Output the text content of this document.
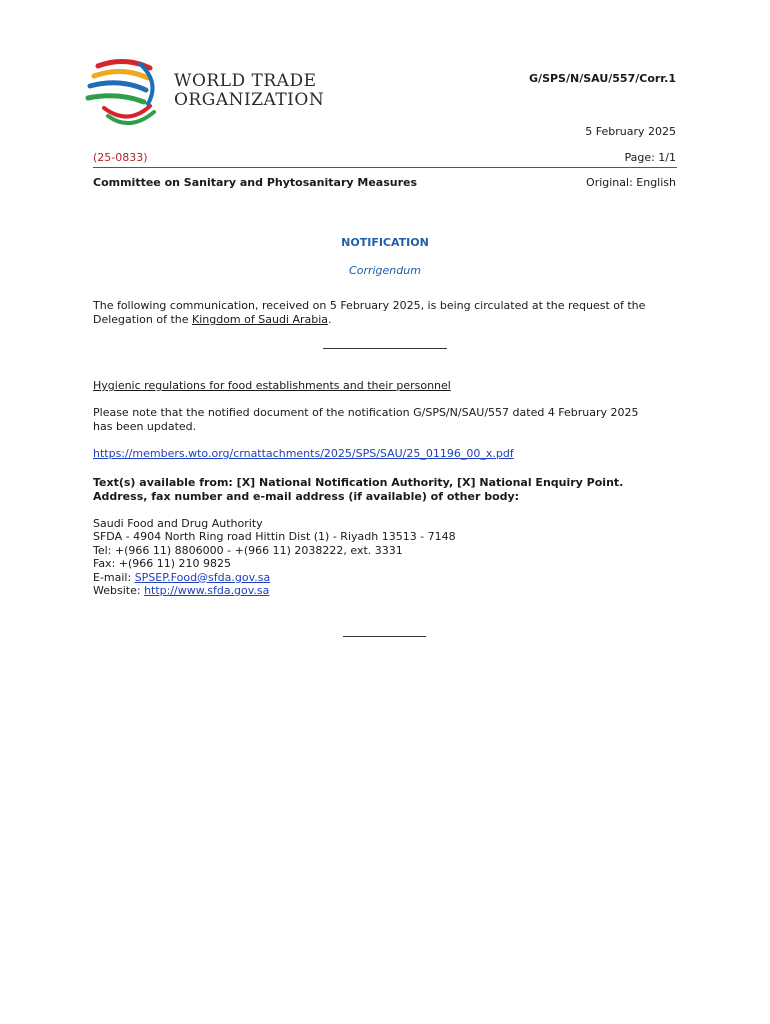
WORLD TRADE
ORGANIZATION
G/SPS/N/SAU/557/Corr.1
5 February 2025
(25-0833)	Page: 1/1
Committee on Sanitary and Phytosanitary Measures	Original: English
NOTIFICATION
Corrigendum
The following communication, received on 5 February 2025, is being circulated at the request of the
Delegation of the Kingdom of Saudi Arabia.
Hygienic regulations for food establishments and their personnel
Please note that the notified document of the notification G/SPS/N/SAU/557 dated 4 February 2025
has been updated.
https://members.wto.org/crnattachments/2025/SPS/SAU/25_01196_00_x.pdf
Text(s) available from: [X] National Notification Authority, [X] National Enquiry Point.
Address, fax number and e-mail address (if available) of other body:
Saudi Food and Drug Authority
SFDA - 4904 North Ring road Hittin Dist (1) - Riyadh 13513 - 7148
Tel: +(966 11) 8806000 - +(966 11) 2038222, ext. 3331
Fax: +(966 11) 210 9825
E-mail: SPSEP.Food@sfda.gov.sa
Website: http://www.sfda.gov.sa
